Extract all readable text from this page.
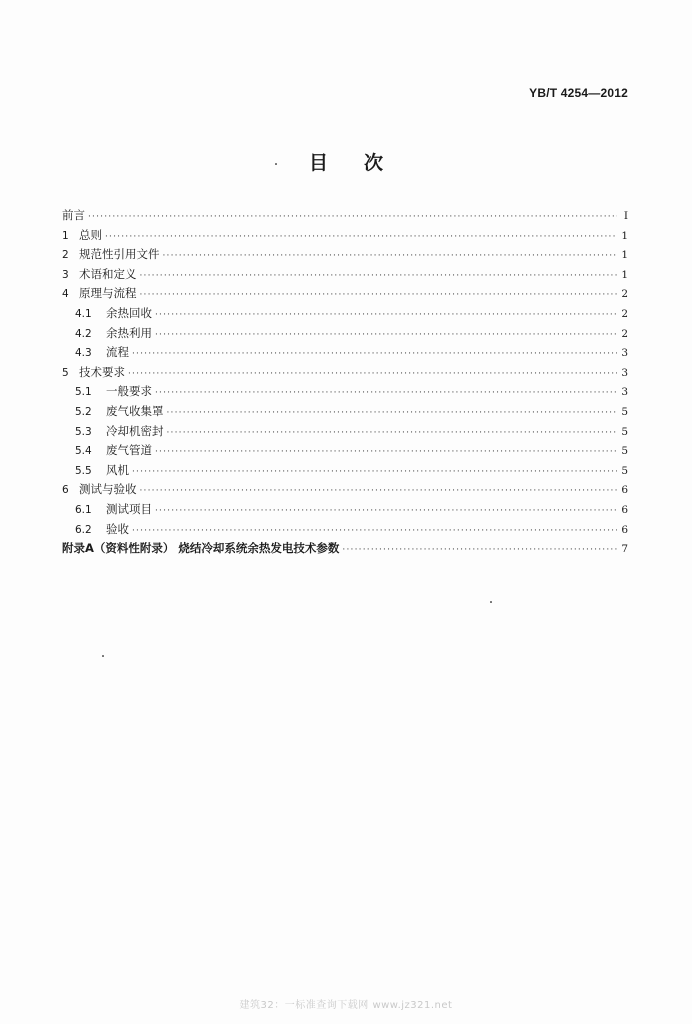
YB/T 4254—2012
目次
前言 ·····	Ⅰ
1 总则 ·····	1
2 规范性引用文件 ·····	1
3 术语和定义 ·····	1
4 原理与流程 ·····	2
4.1	余热回收 ·····	2
4.2	余热利用 ·····	2
4.3	流程 ·····	3
5 技术要求 ·····	3
5.1	一般要求 ·····	3
5.2	废气收集罩 ·····	5
5.3	冷却机密封 ·····	5
5.4	废气管道 ·····	5
5.5	风机 ·····	5
6 测试与验收 ·····	6
6.1	测试项目 ·····	6
6.2	验收 ·····	6
附录A（资料性附录） 烧结冷却系统余热发电技术参数 ·····	7
建筑32：一标准查询下载网 www.jz321.net
